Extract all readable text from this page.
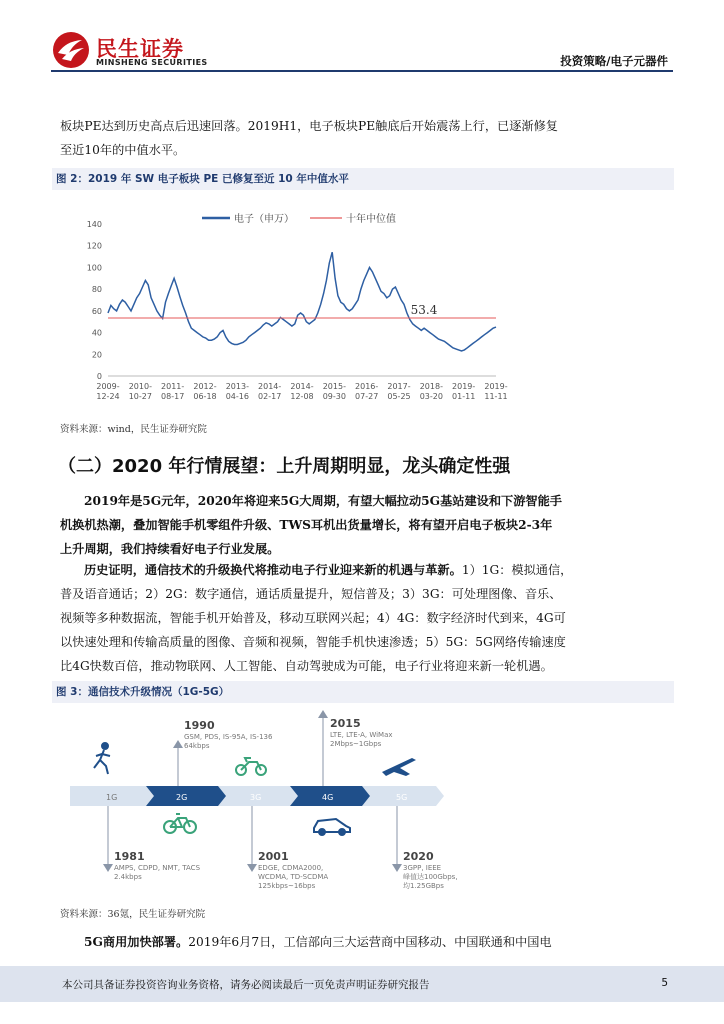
民生证券
MINSHENG SECURITIES	投资策略/电子元器件
板块PE达到历史高点后迅速回落。2019H1，电子板块PE触底后开始震荡上行，已逐渐修复
至近10年的中值水平。
图 2：2019 年 SW 电子板块 PE 已修复至近 10 年中值水平
电子（申万）	十年中位值
0
20
40
60
80
100
120
140
2009-
12-24
2010-
10-27
2011-
08-17
2012-
06-18
2013-
04-16
2014-
02-17
2014-
12-08
2015-
09-30
2016-
07-27
2017-
05-25
2018-
03-20
2019-
01-11
2019-
11-11
53.4
资料来源：wind，民生证券研究院
（二）2020 年行情展望：上升周期明显，龙头确定性强
2019年是5G元年，2020年将迎来5G大周期，有望大幅拉动5G基站建设和下游智能手
机换机热潮，叠加智能手机零组件升级、TWS耳机出货量增长，将有望开启电子板块2-3年
上升周期，我们持续看好电子行业发展。
历史证明，通信技术的升级换代将推动电子行业迎来新的机遇与革新。1）1G：模拟通信，
普及语音通话；2）2G：数字通信，通话质量提升，短信普及；3）3G：可处理图像、音乐、
视频等多种数据流，智能手机开始普及，移动互联网兴起；4）4G：数字经济时代到来，4G可
以快速处理和传输高质量的图像、音频和视频，智能手机快速渗透；5）5G：5G网络传输速度
比4G快数百倍，推动物联网、人工智能、自动驾驶成为可能，电子行业将迎来新一轮机遇。
图 3：通信技术升级情况（1G-5G）
1G	2G	3G	4G	5G
1981
AMPS, CDPD, NMT, TACS
2.4kbps
1990
GSM, PDS, IS-95A, IS-136
64kbps
2001
EDGE, CDMA2000,
WCDMA, TD-SCDMA
125kbps~16bps
2015
LTE, LTE-A, WiMax
2Mbps~1Gbps
2020
3GPP, IEEE
峰值达100Gbps,
均1.25GBps
资料来源：36氪，民生证券研究院
5G商用加快部署。2019年6月7日，工信部向三大运营商中国移动、中国联通和中国电
本公司具备证券投资咨询业务资格，请务必阅读最后一页免责声明证券研究报告	5
